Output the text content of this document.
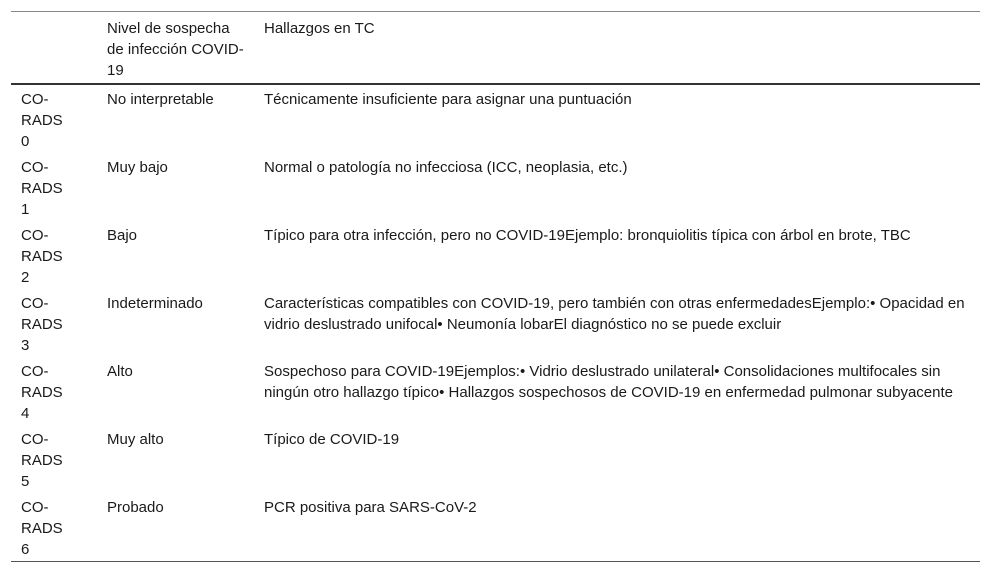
	Nivel de sospecha de infección COVID-19	Hallazgos en TC

CO-RADS 0	No interpretable	Técnicamente insuficiente para asignar una puntuación

CO-RADS 1	Muy bajo	Normal o patología no infecciosa (ICC, neoplasia, etc.)

CO-RADS 2	Bajo	Típico para otra infección, pero no COVID-19Ejemplo: bronquiolitis típica con árbol en brote, TBC

CO-RADS 3	Indeterminado	Características compatibles con COVID-19, pero también con otras enfermedadesEjemplo:• Opacidad en vidrio deslustrado unifocal• Neumonía lobarEl diagnóstico no se puede excluir

CO-RADS 4	Alto	Sospechoso para COVID-19Ejemplos:• Vidrio deslustrado unilateral• Consolidaciones multifocales sin ningún otro hallazgo típico• Hallazgos sospechosos de COVID-19 en enfermedad pulmonar subyacente

CO-RADS 5	Muy alto	Típico de COVID-19

CO-RADS 6	Probado	PCR positiva para SARS-CoV-2
